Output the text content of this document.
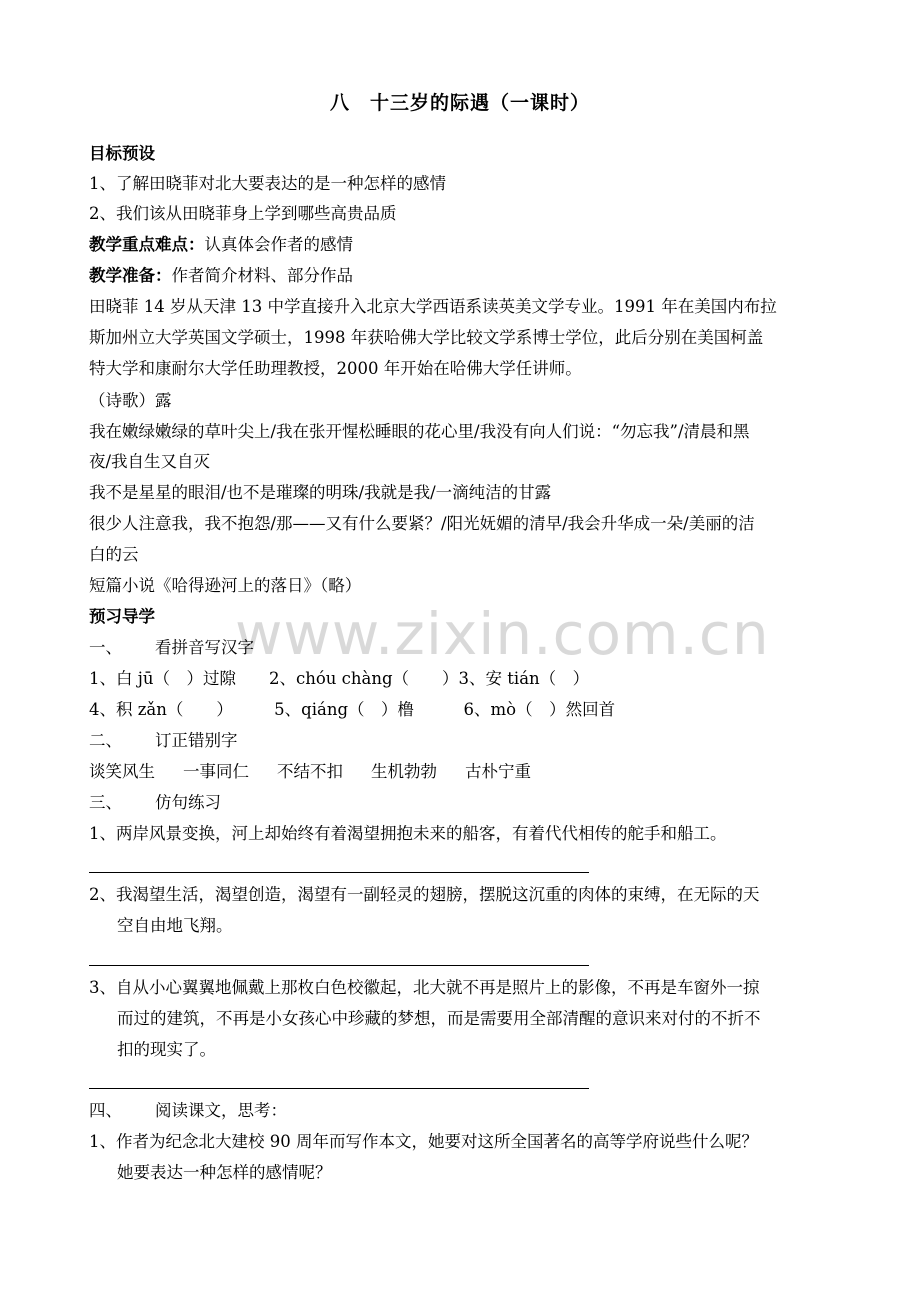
八　十三岁的际遇（一课时）
目标预设
1、了解田晓菲对北大要表达的是一种怎样的感情
2、我们该从田晓菲身上学到哪些高贵品质
教学重点难点：认真体会作者的感情
教学准备：作者简介材料、部分作品
田晓菲 14 岁从天津 13 中学直接升入北京大学西语系读英美文学专业。1991 年在美国内布拉
斯加州立大学英国文学硕士，1998 年获哈佛大学比较文学系博士学位，此后分别在美国柯盖
特大学和康耐尔大学任助理教授，2000 年开始在哈佛大学任讲师。
（诗歌）露
我在嫩绿嫩绿的草叶尖上/我在张开惺松睡眼的花心里/我没有向人们说：“勿忘我”/清晨和黑
夜/我自生又自灭
我不是星星的眼泪/也不是璀璨的明珠/我就是我/一滴纯洁的甘露
很少人注意我，我不抱怨/那——又有什么要紧？/阳光妩媚的清早/我会升华成一朵/美丽的洁
白的云
短篇小说《哈得逊河上的落日》（略）
预习导学 www.zixin.com.cn
一、 看拼音写汉字
1、白 jū（　）过隙　　2、chóu chàng（　　）3、安 tián（　）
4、积 zǎn（　　）　　　5、qiáng（　）橹　　　6、mò（　）然回首
二、 订正错别字
谈笑风生 一事同仁 不结不扣 生机勃勃 古朴宁重
三、 仿句练习
1、两岸风景变换，河上却始终有着渴望拥抱未来的船客，有着代代相传的舵手和船工。
2、我渴望生活，渴望创造，渴望有一副轻灵的翅膀，摆脱这沉重的肉体的束缚，在无际的天
空自由地飞翔。
3、自从小心翼翼地佩戴上那枚白色校徽起，北大就不再是照片上的影像，不再是车窗外一掠
而过的建筑，不再是小女孩心中珍藏的梦想，而是需要用全部清醒的意识来对付的不折不
扣的现实了。
四、 阅读课文，思考：
1、作者为纪念北大建校 90 周年而写作本文，她要对这所全国著名的高等学府说些什么呢？
她要表达一种怎样的感情呢？
